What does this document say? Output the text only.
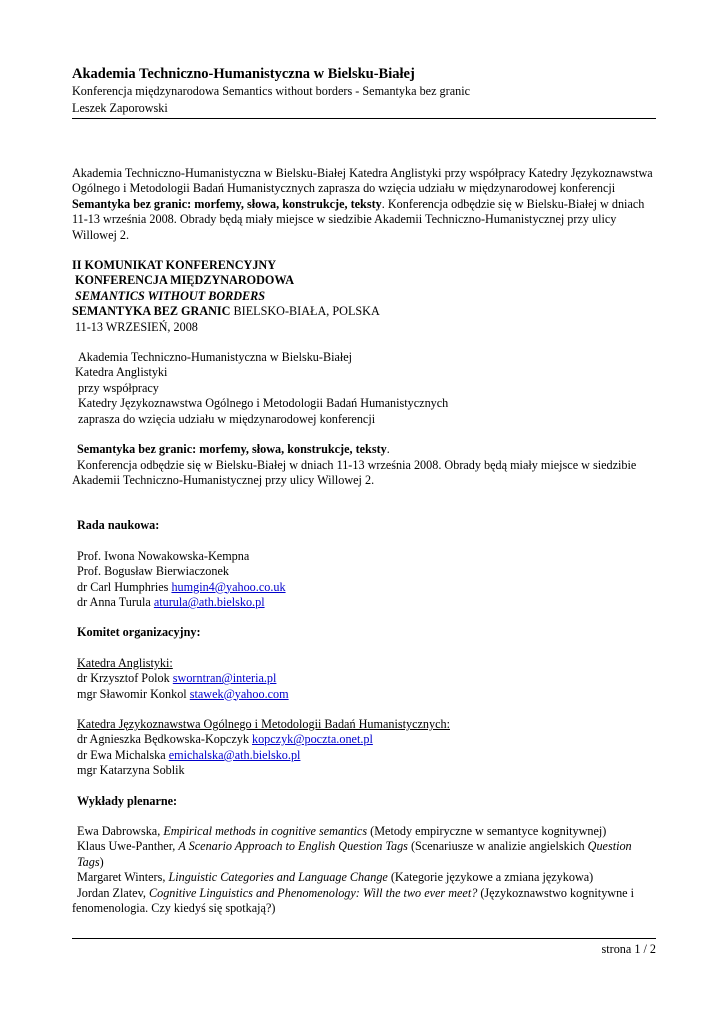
Akademia Techniczno-Humanistyczna w Bielsku-Białej
Konferencja międzynarodowa Semantics without borders - Semantyka bez granic
Leszek Zaporowski

Akademia Techniczno-Humanistyczna w Bielsku-Białej Katedra Anglistyki przy współpracy Katedry Językoznawstwa Ogólnego i Metodologii Badań Humanistycznych zaprasza do wzięcia udziału w międzynarodowej konferencji Semantyka bez granic: morfemy, słowa, konstrukcje, teksty. Konferencja odbędzie się w Bielsku-Białej w dniach 11-13 września 2008. Obrady będą miały miejsce w siedzibie Akademii Techniczno-Humanistycznej przy ulicy Willowej 2.

II KOMUNIKAT KONFERENCYJNY

KONFERENCJA MIĘDZYNARODOWA

SEMANTICS WITHOUT BORDERS

SEMANTYKA BEZ GRANIC BIELSKO-BIAŁA, POLSKA

11-13 WRZESIEŃ, 2008

Akademia Techniczno-Humanistyczna w Bielsku-Białej

Katedra Anglistyki

przy współpracy

Katedry Językoznawstwa Ogólnego i Metodologii Badań Humanistycznych

zaprasza do wzięcia udziału w międzynarodowej konferencji

Semantyka bez granic: morfemy, słowa, konstrukcje, teksty.

Konferencja odbędzie się w Bielsku-Białej w dniach 11-13 września 2008. Obrady będą miały miejsce w siedzibie

Akademii Techniczno-Humanistycznej przy ulicy Willowej 2.

Rada naukowa:

Prof. Iwona Nowakowska-Kempna

Prof. Bogusław Bierwiaczonek

dr Carl Humphries humgin4@yahoo.co.uk

dr Anna Turula aturula@ath.bielsko.pl

Komitet organizacyjny:

Katedra Anglistyki:

dr Krzysztof Polok sworntran@interia.pl

mgr Sławomir Konkol stawek@yahoo.com

Katedra Językoznawstwa Ogólnego i Metodologii Badań Humanistycznych:

dr Agnieszka Będkowska-Kopczyk kopczyk@poczta.onet.pl

dr Ewa Michalska emichalska@ath.bielsko.pl

mgr Katarzyna Soblik

Wykłady plenarne:

Ewa Dabrowska, Empirical methods in cognitive semantics (Metody empiryczne w semantyce kognitywnej)

Klaus Uwe-Panther, A Scenario Approach to English Question Tags (Scenariusze w analizie angielskich Question Tags)

Margaret Winters, Linguistic Categories and Language Change (Kategorie językowe a zmiana językowa)

Jordan Zlatev, Cognitive Linguistics and Phenomenology: Will the two ever meet? (Językoznawstwo kognitywne i fenomenologia. Czy kiedyś się spotkają?)

strona 1 / 2
